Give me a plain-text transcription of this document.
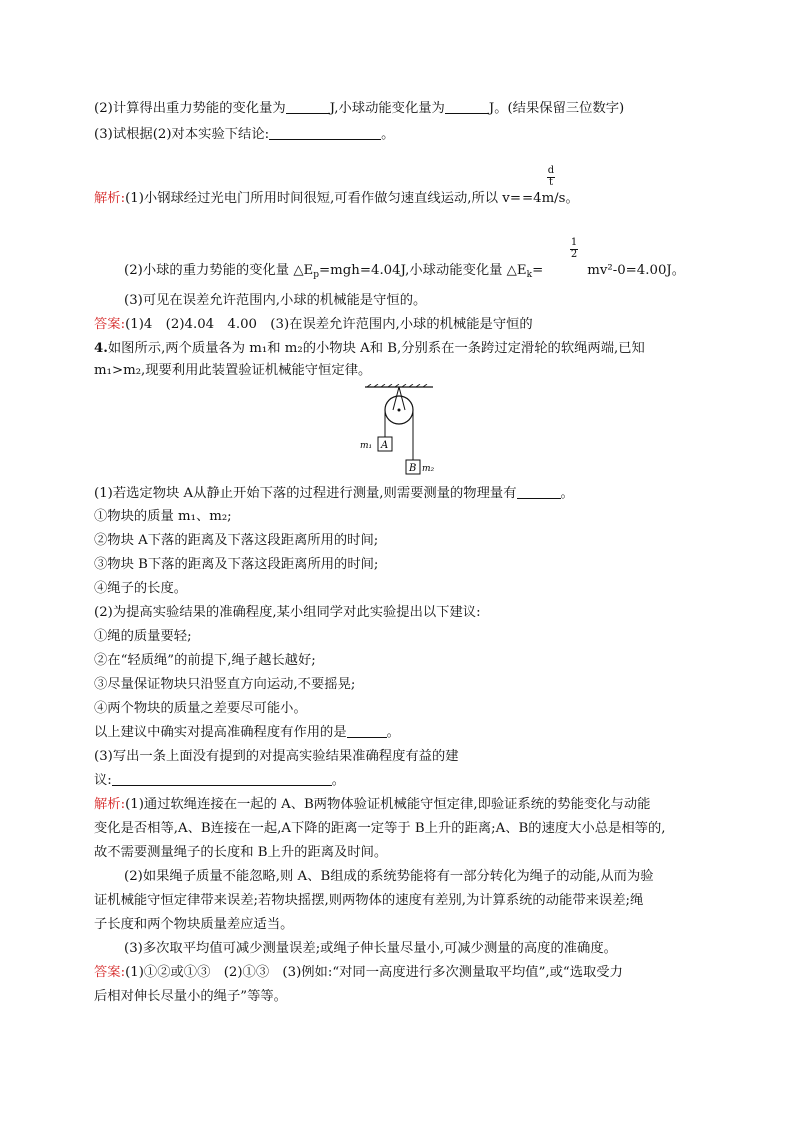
(2)计算得出重力势能的变化量为	J,小球动能变化量为	J。(结果保留三位数字)
(3)试根据(2)对本实验下结论:	。
d
t
解析:(1)小钢球经过光电门所用时间很短,可看作做匀速直线运动,所以 v==4m/s。
1
2
(2)小球的重力势能的变化量 $\triangle E_p=mgh=4.04J$,小球动能变化量 $\triangle E_k=$	mv²-0=4.00J。
(3)可见在误差允许范围内,小球的机械能是守恒的。
答案:(1)4　(2)4.04　4.00　(3)在误差允许范围内,小球的机械能是守恒的
4.如图所示,两个质量各为 m₁和 m₂的小物块 A和 B,分别系在一条跨过定滑轮的软绳两端,已知
m₁>m₂,现要利用此装置验证机械能守恒定律。
m₁ A
B m₂
(1)若选定物块 A从静止开始下落的过程进行测量,则需要测量的物理量有	。
①物块的质量 m₁、m₂;
②物块 A下落的距离及下落这段距离所用的时间;
③物块 B下落的距离及下落这段距离所用的时间;
④绳子的长度。
(2)为提高实验结果的准确程度,某小组同学对此实验提出以下建议:
①绳的质量要轻;
②在“轻质绳”的前提下,绳子越长越好;
③尽量保证物块只沿竖直方向运动,不要摇晃;
④两个物块的质量之差要尽可能小。
以上建议中确实对提高准确程度有作用的是	。
(3)写出一条上面没有提到的对提高实验结果准确程度有益的建
议:	。
解析:(1)通过软绳连接在一起的 A、B两物体验证机械能守恒定律,即验证系统的势能变化与动能
变化是否相等,A、B连接在一起,A下降的距离一定等于 B上升的距离;A、B的速度大小总是相等的,
故不需要测量绳子的长度和 B上升的距离及时间。
(2)如果绳子质量不能忽略,则 A、B组成的系统势能将有一部分转化为绳子的动能,从而为验
证机械能守恒定律带来误差;若物块摇摆,则两物体的速度有差别,为计算系统的动能带来误差;绳
子长度和两个物块质量差应适当。
(3)多次取平均值可减少测量误差;或绳子伸长量尽量小,可减少测量的高度的准确度。
答案:(1)①②或①③　(2)①③　(3)例如:“对同一高度进行多次测量取平均值”,或“选取受力
后相对伸长尽量小的绳子”等等。
